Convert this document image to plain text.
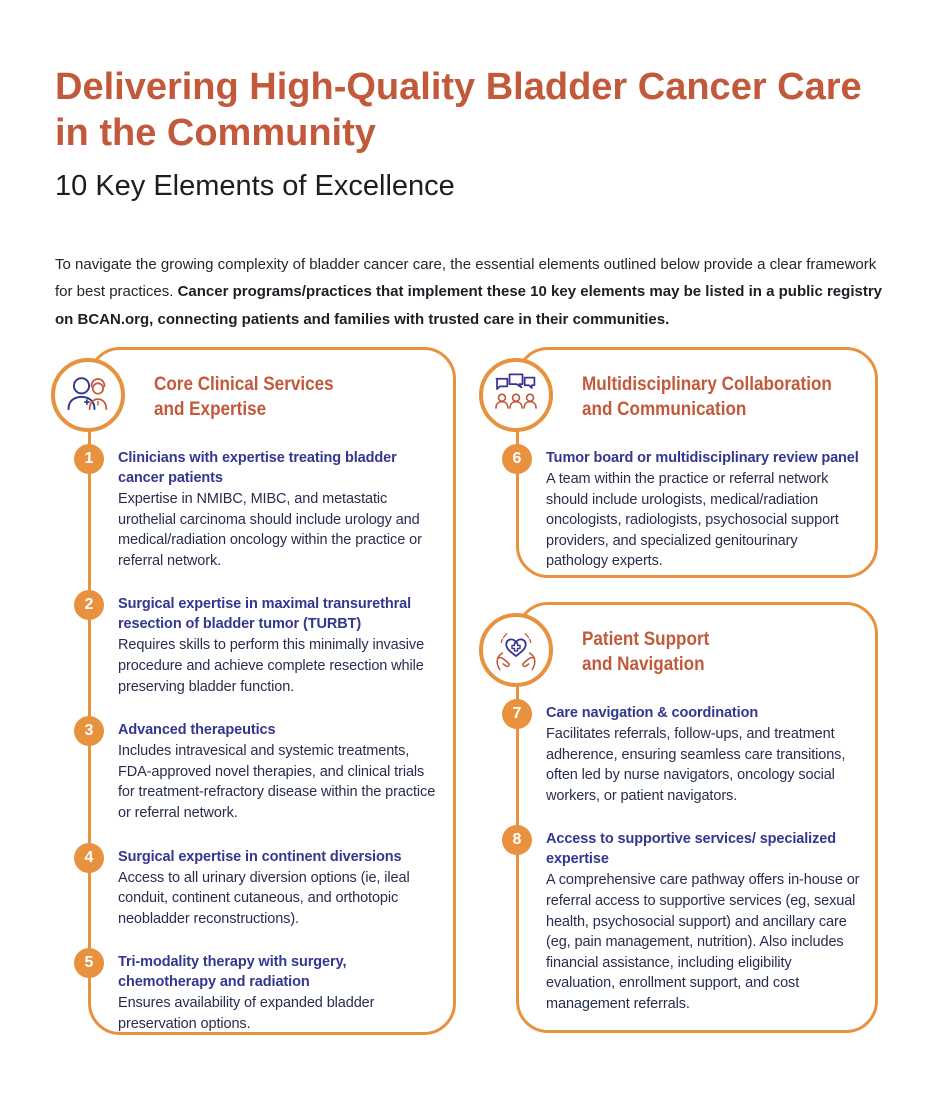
Delivering High-Quality Bladder Cancer Care in the Community
10 Key Elements of Excellence

To navigate the growing complexity of bladder cancer care, the essential elements outlined below provide a clear framework for best practices. Cancer programs/practices that implement these 10 key elements may be listed in a public registry on BCAN.org, connecting patients and families with trusted care in their communities.

Core Clinical Services
and Expertise
1	Clinicians with expertise treating bladder cancer patients

Expertise in NMIBC, MIBC, and metastatic urothelial carcinoma should include urology and medical/radiation oncology within the practice or referral network.

2	Surgical expertise in maximal transurethral resection of bladder tumor (TURBT)

Requires skills to perform this minimally invasive procedure and achieve complete resection while preserving bladder function.

3	Advanced therapeutics

Includes intravesical and systemic treatments, FDA-approved novel therapies, and clinical trials for treatment-refractory disease within the practice or referral network.

4	Surgical expertise in continent diversions

Access to all urinary diversion options (ie, ileal conduit, continent cutaneous, and orthotopic neobladder reconstructions).

5	Tri-modality therapy with surgery, chemotherapy and radiation

Ensures availability of expanded bladder preservation options.

Multidisciplinary Collaboration
and Communication
6	Tumor board or multidisciplinary review panel

A team within the practice or referral network should include urologists, medical/radiation oncologists, radiologists, psychosocial support providers, and specialized genitourinary pathology experts.

Patient Support
and Navigation
7	Care navigation & coordination

Facilitates referrals, follow-ups, and treatment adherence, ensuring seamless care transitions, often led by nurse navigators, oncology social workers, or patient navigators.

8	Access to supportive services/ specialized expertise

A comprehensive care pathway offers in-house or referral access to supportive services (eg, sexual health, psychosocial support) and ancillary care (eg, pain management, nutrition). Also includes financial assistance, including eligibility evaluation, enrollment support, and cost management referrals.
